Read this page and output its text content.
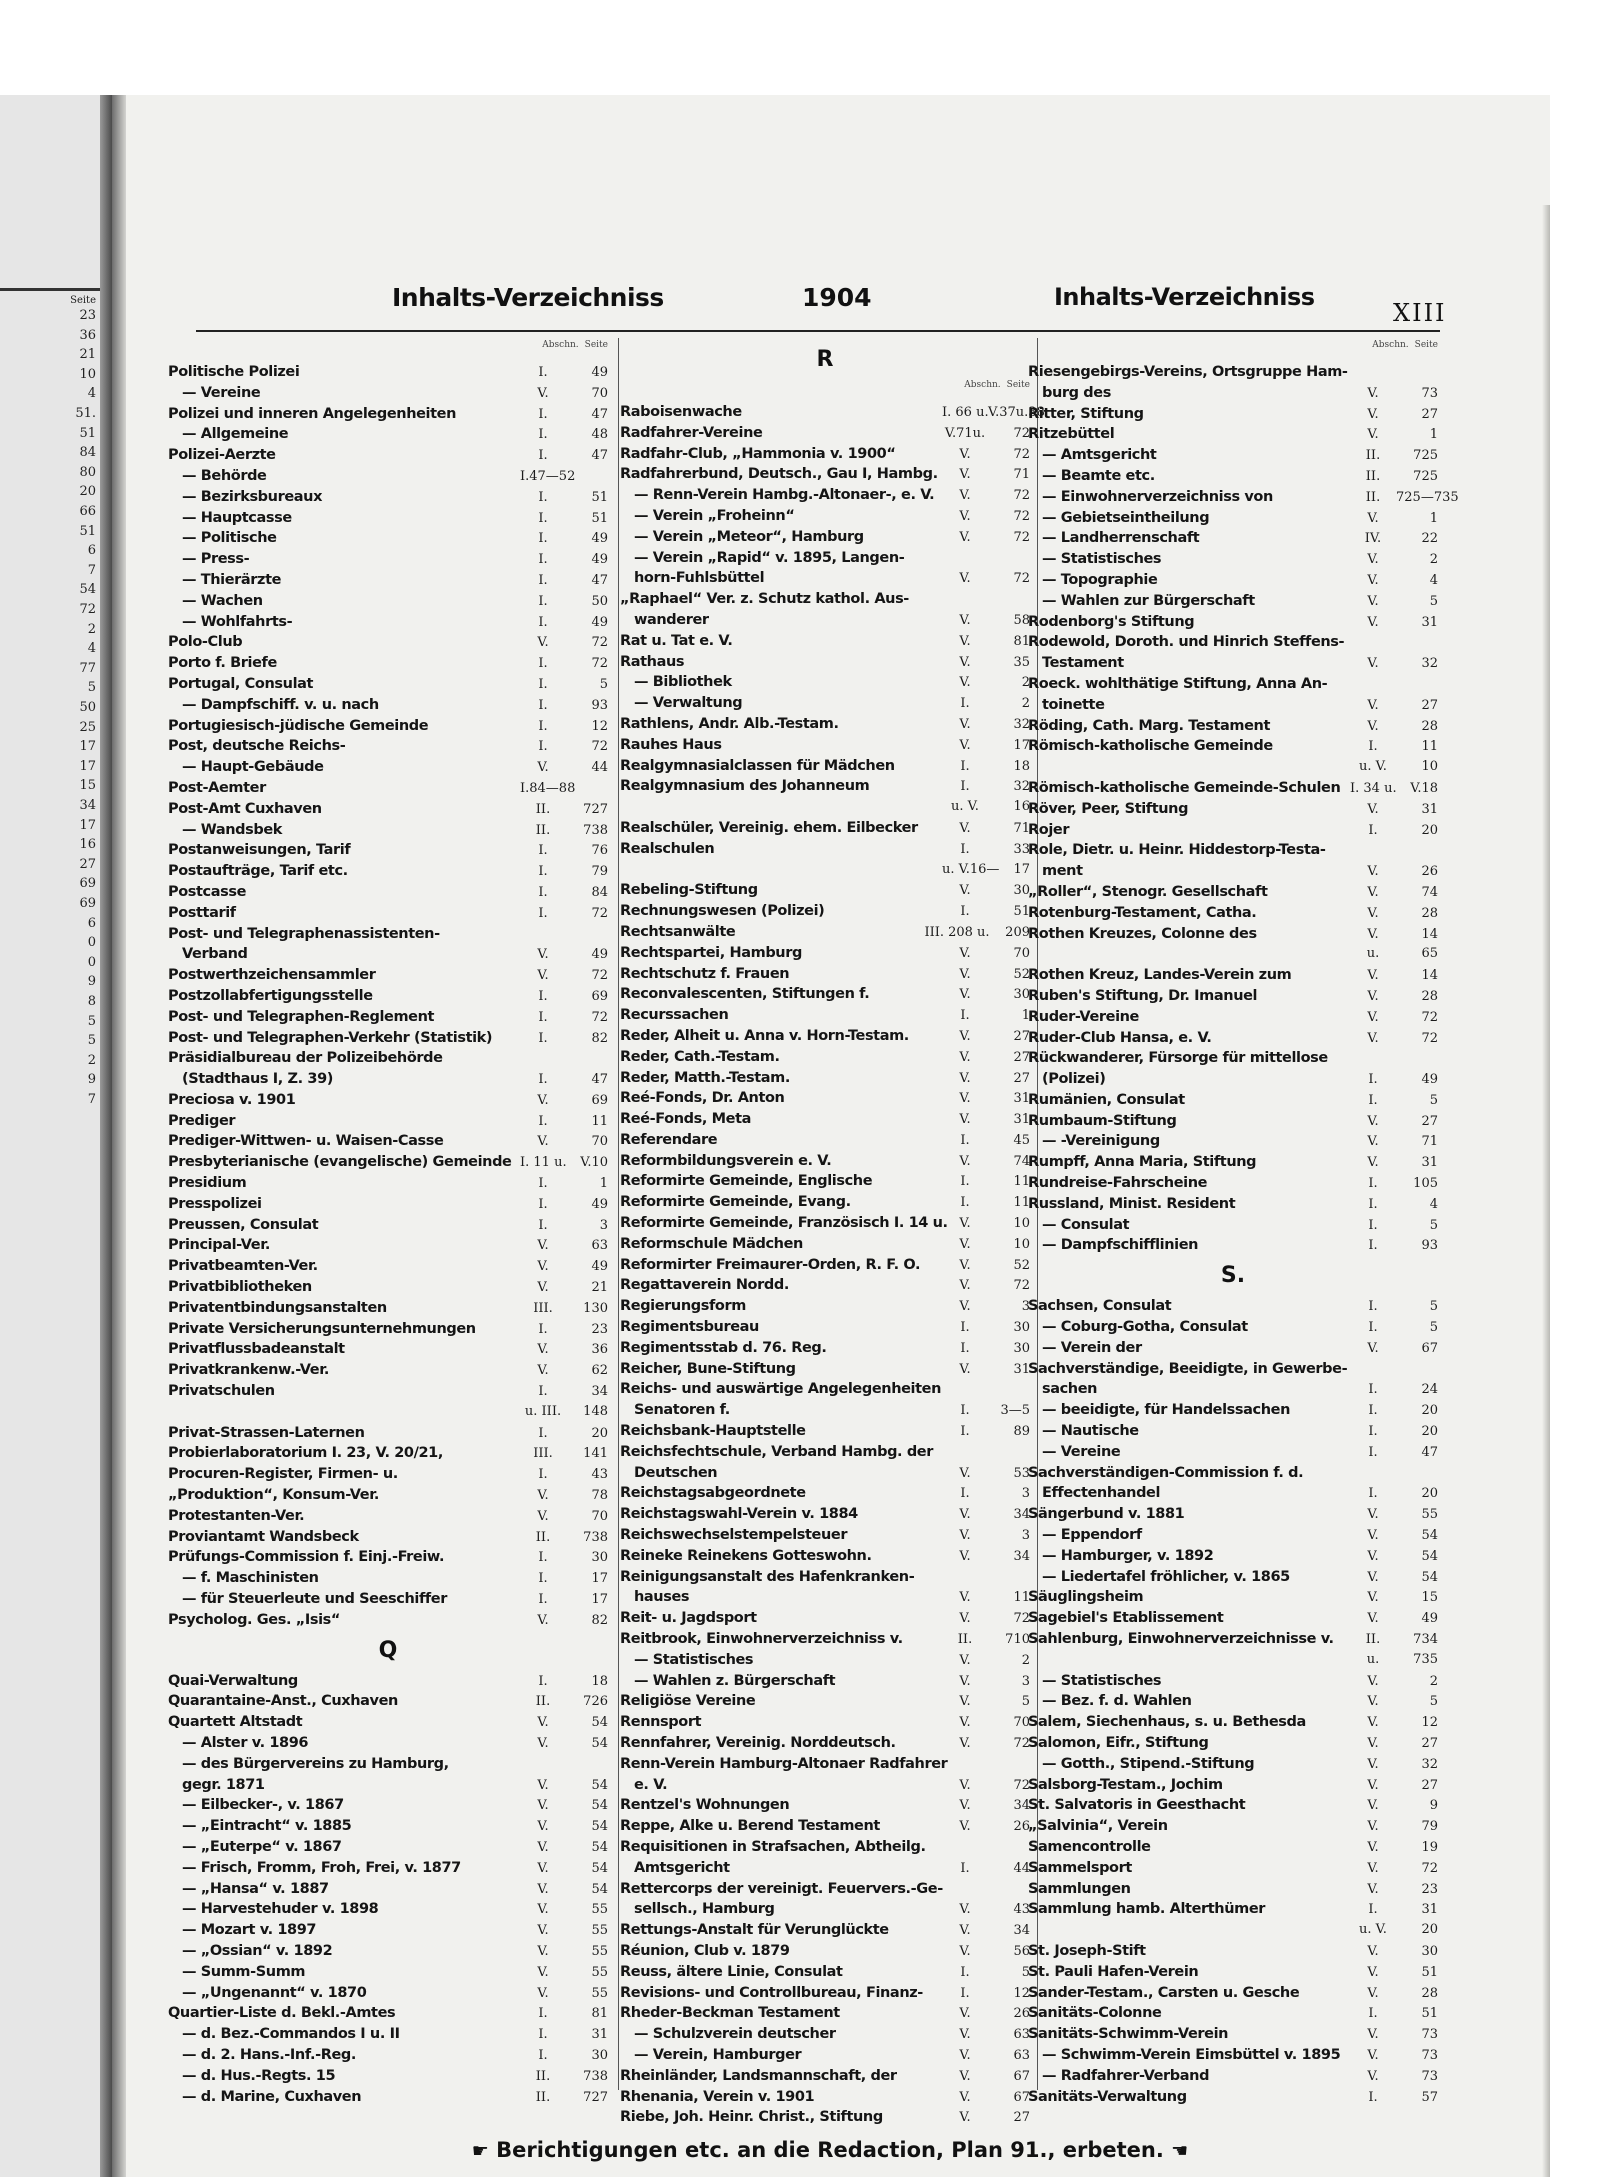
Seite
23
36
21
10
4
51.
51
84
80
20
66
51
6
7
54
72
2
4
77
5
50
25
17
17
15
34
17
16
27
69
69
6
0
0
9
8
5
5
2
9
7
Inhalts-Verzeichniss	1904	Inhalts-Verzeichniss
XIII
Abschn. Seite
Politische Polizei	I.	49
— Vereine	V.	70
Polizei und inneren Angelegenheiten	I.	47
— Allgemeine	I.	48
Polizei-Aerzte	I.	47
— Behörde	I.47—52
— Bezirksbureaux	I.	51
— Hauptcasse	I.	51
— Politische	I.	49
— Press-	I.	49
— Thierärzte	I.	47
— Wachen	I.	50
— Wohlfahrts-	I.	49
Polo-Club	V.	72
Porto f. Briefe	I.	72
Portugal, Consulat	I.	5
— Dampfschiff. v. u. nach	I.	93
Portugiesisch-jüdische Gemeinde	I.	12
Post, deutsche Reichs-	I.	72
— Haupt-Gebäude	V.	44
Post-Aemter	I.84—88
Post-Amt Cuxhaven	II.	727
— Wandsbek	II.	738
Postanweisungen, Tarif	I.	76
Postaufträge, Tarif etc.	I.	79
Postcasse	I.	84
Posttarif	I.	72
Post- und Telegraphenassistenten-
Verband	V.	49
Postwerthzeichensammler	V.	72
Postzollabfertigungsstelle	I.	69
Post- und Telegraphen-Reglement	I.	72
Post- und Telegraphen-Verkehr (Statistik)	I.	82
Präsidialbureau der Polizeibehörde
(Stadthaus I, Z. 39)	I.	47
Preciosa v. 1901	V.	69
Prediger	I.	11
Prediger-Wittwen- u. Waisen-Casse	V.	70
Presbyterianische (evangelische) Gemeinde I. 11 u.	V.10
Presidium	I.	1
Presspolizei	I.	49
Preussen, Consulat	I.	3
Principal-Ver.	V.	63
Privatbeamten-Ver.	V.	49
Privatbibliotheken	V.	21
Privatentbindungsanstalten	III.	130
Private Versicherungsunternehmungen	I.	23
Privatflussbadeanstalt	V.	36
Privatkrankenw.-Ver.	V.	62
Privatschulen	I.	34
u. III.	148
Privat-Strassen-Laternen	I.	20
Probierlaboratorium I. 23, V. 20/21,	III.	141
Procuren-Register, Firmen- u.	I.	43
„Produktion“, Konsum-Ver.	V.	78
Protestanten-Ver.	V.	70
Proviantamt Wandsbeck	II.	738
Prüfungs-Commission f. Einj.-Freiw.	I.	30
— f. Maschinisten	I.	17
— für Steuerleute und Seeschiffer	I.	17
Psycholog. Ges. „Isis“	V.	82
Q
Quai-Verwaltung	I.	18
Quarantaine-Anst., Cuxhaven	II.	726
Quartett Altstadt	V.	54
— Alster v. 1896	V.	54
— des Bürgervereins zu Hamburg,
gegr. 1871	V.	54
— Eilbecker-, v. 1867	V.	54
— „Eintracht“ v. 1885	V.	54
— „Euterpe“ v. 1867	V.	54
— Frisch, Fromm, Froh, Frei, v. 1877	V.	54
— „Hansa“ v. 1887	V.	54
— Harvestehuder v. 1898	V.	55
— Mozart v. 1897	V.	55
— „Ossian“ v. 1892	V.	55
— Summ-Summ	V.	55
— „Ungenannt“ v. 1870	V.	55
Quartier-Liste d. Bekl.-Amtes	I.	81
— d. Bez.-Commandos I u. II	I.	31
— d. 2. Hans.-Inf.-Reg.	I.	30
— d. Hus.-Regts. 15	II.	738
— d. Marine, Cuxhaven	II.	727
R
Abschn. Seite
Raboisenwache	I. 66 u. V.37u.38
Radfahrer-Vereine	V.71u.	72
Radfahr-Club, „Hammonia v. 1900“	V.	72
Radfahrerbund, Deutsch., Gau I, Hambg.	V.	71
— Renn-Verein Hambg.-Altonaer-, e. V.	V.	72
— Verein „Froheinn“	V.	72
— Verein „Meteor“, Hamburg	V.	72
— Verein „Rapid“ v. 1895, Langen-
horn-Fuhlsbüttel	V.	72
„Raphael“ Ver. z. Schutz kathol. Aus-
wanderer	V.	58
Rat u. Tat e. V.	V.	81
Rathaus	V.	35
— Bibliothek	V.	2
— Verwaltung	I.	2
Rathlens, Andr. Alb.-Testam.	V.	32
Rauhes Haus	V.	17
Realgymnasialclassen für Mädchen	I.	18
Realgymnasium des Johanneum	I.	32
u. V.	16
Realschüler, Vereinig. ehem. Eilbecker	V.	71
Realschulen	I.	33
u. V.16—	17
Rebeling-Stiftung	V.	30
Rechnungswesen (Polizei)	I.	51
Rechtsanwälte	III. 208 u.	209
Rechtspartei, Hamburg	V.	70
Rechtschutz f. Frauen	V.	52
Reconvalescenten, Stiftungen f.	V.	30
Recurssachen	I.	1
Reder, Alheit u. Anna v. Horn-Testam.	V.	27
Reder, Cath.-Testam.	V.	27
Reder, Matth.-Testam.	V.	27
Reé-Fonds, Dr. Anton	V.	31
Reé-Fonds, Meta	V.	31
Referendare	I.	45
Reformbildungsverein e. V.	V.	74
Reformirte Gemeinde, Englische	I.	11
Reformirte Gemeinde, Evang.	I.	11
Reformirte Gemeinde, Französisch I. 14 u. V.	10
Reformschule Mädchen	V.	10
Reformirter Freimaurer-Orden, R. F. O.	V.	52
Regattaverein Nordd.	V.	72
Regierungsform	V.	3
Regimentsbureau	I.	30
Regimentsstab d. 76. Reg.	I.	30
Reicher, Bune-Stiftung	V.	31
Reichs- und auswärtige Angelegenheiten
Senatoren f.	I.	3—5
Reichsbank-Hauptstelle	I.	89
Reichsfechtschule, Verband Hambg. der
Deutschen	V.	53
Reichstagsabgeordnete	I.	3
Reichstagswahl-Verein v. 1884	V.	34
Reichswechselstempelsteuer	V.	3
Reineke Reinekens Gotteswohn.	V.	34
Reinigungsanstalt des Hafenkranken-
hauses	V.	11
Reit- u. Jagdsport	V.	72
Reitbrook, Einwohnerverzeichniss v.	II.	710
— Statistisches	V.	2
— Wahlen z. Bürgerschaft	V.	3
Religiöse Vereine	V.	5
Rennsport	V.	70
Rennfahrer, Vereinig. Norddeutsch.	V.	72
Renn-Verein Hamburg-Altonaer Radfahrer
e. V.	V.	72
Rentzel's Wohnungen	V.	34
Reppe, Alke u. Berend Testament	V.	26
Requisitionen in Strafsachen, Abtheilg.
Amtsgericht	I.	44
Rettercorps der vereinigt. Feuervers.-Ge-
sellsch., Hamburg	V.	43
Rettungs-Anstalt für Verunglückte	V.	34
Réunion, Club v. 1879	V.	56
Reuss, ältere Linie, Consulat	I.	5
Revisions- und Controllbureau, Finanz-	I.	12
Rheder-Beckman Testament	V.	26
— Schulzverein deutscher	V.	63
— Verein, Hamburger	V.	63
Rheinländer, Landsmannschaft, der	V.	67
Rhenania, Verein v. 1901	V.	67
Riebe, Joh. Heinr. Christ., Stiftung	V.	27
Abschn. Seite
Riesengebirgs-Vereins, Ortsgruppe Ham-
burg des	V.	73
Ritter, Stiftung	V.	27
Ritzebüttel	V.	1
— Amtsgericht	II.	725
— Beamte etc.	II.	725
— Einwohnerverzeichniss von	II.	725—735
— Gebietseintheilung	V.	1
— Landherrenschaft	IV.	22
— Statistisches	V.	2
— Topographie	V.	4
— Wahlen zur Bürgerschaft	V.	5
Rodenborg's Stiftung	V.	31
Rodewold, Doroth. und Hinrich Steffens-
Testament	V.	32
Roeck. wohlthätige Stiftung, Anna An-
toinette	V.	27
Röding, Cath. Marg. Testament	V.	28
Römisch-katholische Gemeinde	I.	11
u. V.	10
Römisch-katholische Gemeinde-Schulen I. 34 u.	V.18
Röver, Peer, Stiftung	V.	31
Rojer	I.	20
Role, Dietr. u. Heinr. Hiddestorp-Testa-
ment	V.	26
„Roller“, Stenogr. Gesellschaft	V.	74
Rotenburg-Testament, Catha.	V.	28
Rothen Kreuzes, Colonne des	V.	14
u.	65
Rothen Kreuz, Landes-Verein zum	V.	14
Ruben's Stiftung, Dr. Imanuel	V.	28
Ruder-Vereine	V.	72
Ruder-Club Hansa, e. V.	V.	72
Rückwanderer, Fürsorge für mittellose
(Polizei)	I.	49
Rumänien, Consulat	I.	5
Rumbaum-Stiftung	V.	27
— -Vereinigung	V.	71
Rumpff, Anna Maria, Stiftung	V.	31
Rundreise-Fahrscheine	I.	105
Russland, Minist. Resident	I.	4
— Consulat	I.	5
— Dampfschifflinien	I.	93
S.
Sachsen, Consulat	I.	5
— Coburg-Gotha, Consulat	I.	5
— Verein der	V.	67
Sachverständige, Beeidigte, in Gewerbe-
sachen	I.	24
— beeidigte, für Handelssachen	I.	20
— Nautische	I.	20
— Vereine	I.	47
Sachverständigen-Commission f. d.
Effectenhandel	I.	20
Sängerbund v. 1881	V.	55
— Eppendorf	V.	54
— Hamburger, v. 1892	V.	54
— Liedertafel fröhlicher, v. 1865	V.	54
Säuglingsheim	V.	15
Sagebiel's Etablissement	V.	49
Sahlenburg, Einwohnerverzeichnisse v.	II.	734
u.	735
— Statistisches	V.	2
— Bez. f. d. Wahlen	V.	5
Salem, Siechenhaus, s. u. Bethesda	V.	12
Salomon, Eifr., Stiftung	V.	27
— Gotth., Stipend.-Stiftung	V.	32
Salsborg-Testam., Jochim	V.	27
St. Salvatoris in Geesthacht	V.	9
„Salvinia“, Verein	V.	79
Samencontrolle	V.	19
Sammelsport	V.	72
Sammlungen	V.	23
Sammlung hamb. Alterthümer	I.	31
u. V.	20
St. Joseph-Stift	V.	30
St. Pauli Hafen-Verein	V.	51
Sander-Testam., Carsten u. Gesche	V.	28
Sanitäts-Colonne	I.	51
Sanitäts-Schwimm-Verein	V.	73
— Schwimm-Verein Eimsbüttel v. 1895	V.	73
— Radfahrer-Verband	V.	73
Sanitäts-Verwaltung	I.	57
☛ Berichtigungen etc. an die Redaction, Plan 91., erbeten. ☚
